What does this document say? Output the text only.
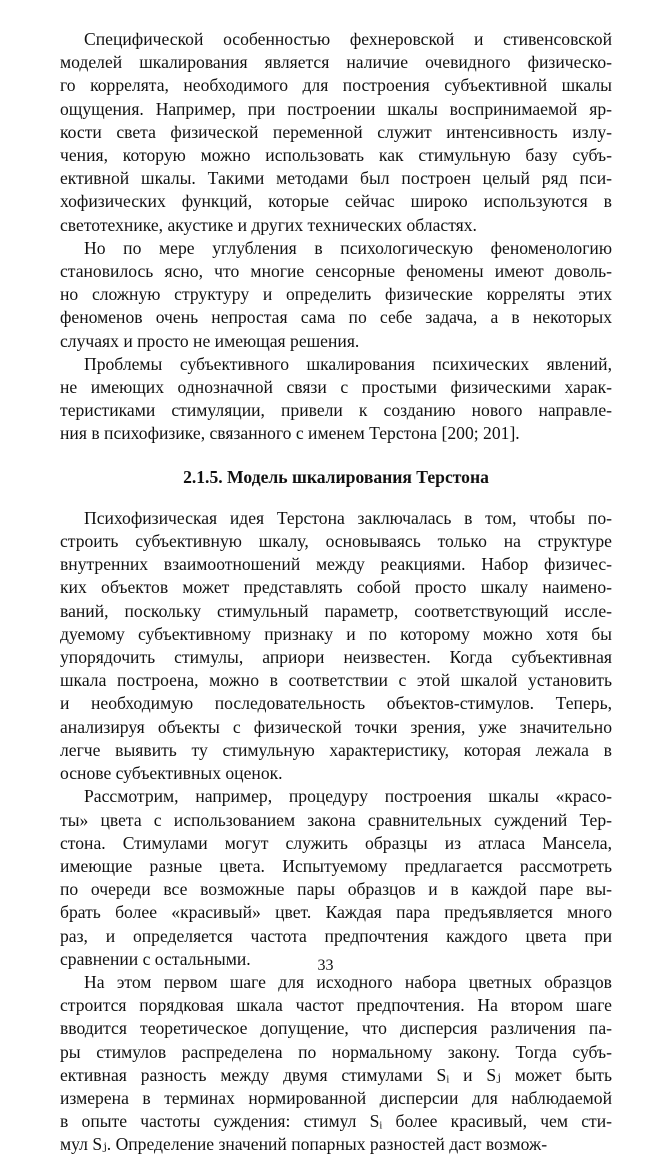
Специфической особенностью фехнеровской и стивенсовской
моделей шкалирования является наличие очевидного физическо-
го коррелята, необходимого для построения субъективной шкалы
ощущения. Например, при построении шкалы воспринимаемой яр-
кости света физической переменной служит интенсивность излу-
чения, которую можно использовать как стимульную базу субъ-
ективной шкалы. Такими методами был построен целый ряд пси-
хофизических функций, которые сейчас широко используются в
светотехнике, акустике и других технических областях.
Но по мере углубления в психологическую феноменологию
становилось ясно, что многие сенсорные феномены имеют доволь-
но сложную структуру и определить физические корреляты этих
феноменов очень непростая сама по себе задача, а в некоторых
случаях и просто не имеющая решения.
Проблемы субъективного шкалирования психических явлений,
не имеющих однозначной связи с простыми физическими харак-
теристиками стимуляции, привели к созданию нового направле-
ния в психофизике, связанного с именем Терстона [200; 201].
2.1.5. Модель шкалирования Терстона
Психофизическая идея Терстона заключалась в том, чтобы по-
строить субъективную шкалу, основываясь только на структуре
внутренних взаимоотношений между реакциями. Набор физичес-
ких объектов может представлять собой просто шкалу наимено-
ваний, поскольку стимульный параметр, соответствующий иссле-
дуемому субъективному признаку и по которому можно хотя бы
упорядочить стимулы, априори неизвестен. Когда субъективная
шкала построена, можно в соответствии с этой шкалой установить
и необходимую последовательность объектов-стимулов. Теперь,
анализируя объекты с физической точки зрения, уже значительно
легче выявить ту стимульную характеристику, которая лежала в
основе субъективных оценок.
Рассмотрим, например, процедуру построения шкалы «красо-
ты» цвета с использованием закона сравнительных суждений Тер-
стона. Стимулами могут служить образцы из атласа Мансела,
имеющие разные цвета. Испытуемому предлагается рассмотреть
по очереди все возможные пары образцов и в каждой паре вы-
брать более «красивый» цвет. Каждая пара предъявляется много
раз, и определяется частота предпочтения каждого цвета при
сравнении с остальными.
На этом первом шаге для исходного набора цветных образцов
строится порядковая шкала частот предпочтения. На втором шаге
вводится теоретическое допущение, что дисперсия различения па-
ры стимулов распределена по нормальному закону. Тогда субъ-
ективная разность между двумя стимулами Sᵢ и Sⱼ может быть
измерена в терминах нормированной дисперсии для наблюдаемой
в опыте частоты суждения: стимул Sᵢ более красивый, чем сти-
мул Sⱼ. Определение значений попарных разностей даст возмож-
33
